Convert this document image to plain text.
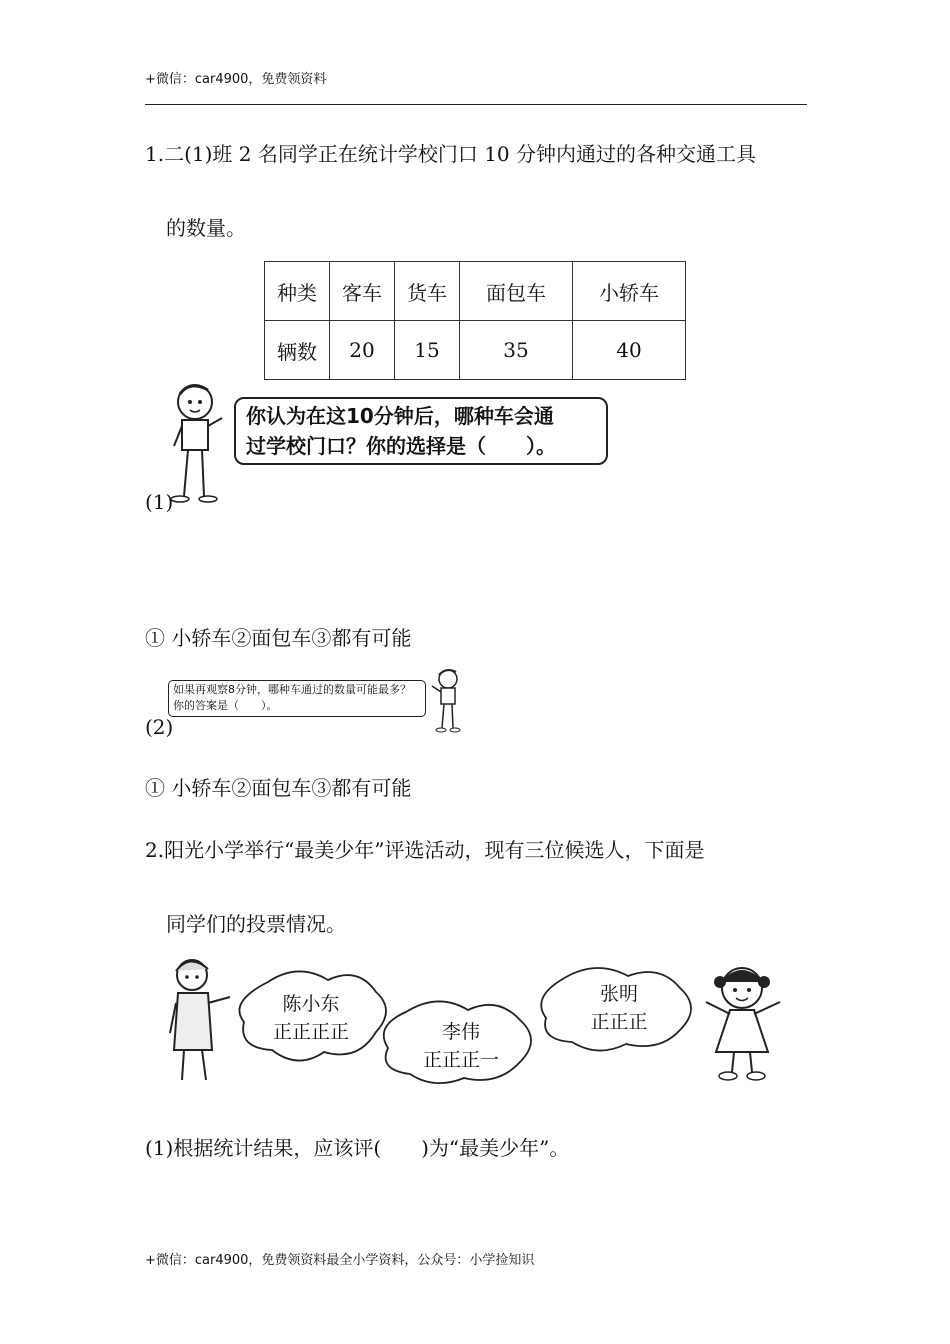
+微信：car4900，免费领资料
1.二(1)班 2 名同学正在统计学校门口 10 分钟内通过的各种交通工具
的数量。
种类	客车	货车	面包车	小轿车
辆数	20	15	35	40
你认为在这10分钟后，哪种车会通
过学校门口？你的选择是（　　）。
(1)
① 小轿车②面包车③都有可能
如果再观察8分钟，哪种车通过的数量可能最多？
你的答案是（　　）。
(2)
① 小轿车②面包车③都有可能
2.阳光小学举行“最美少年”评选活动，现有三位候选人，下面是
同学们的投票情况。
陈小东
正正正正	李伟
正正正一
张明
正正正
(1)根据统计结果，应该评(　　)为“最美少年”。
+微信：car4900，免费领资料最全小学资料，公众号：小学捡知识
